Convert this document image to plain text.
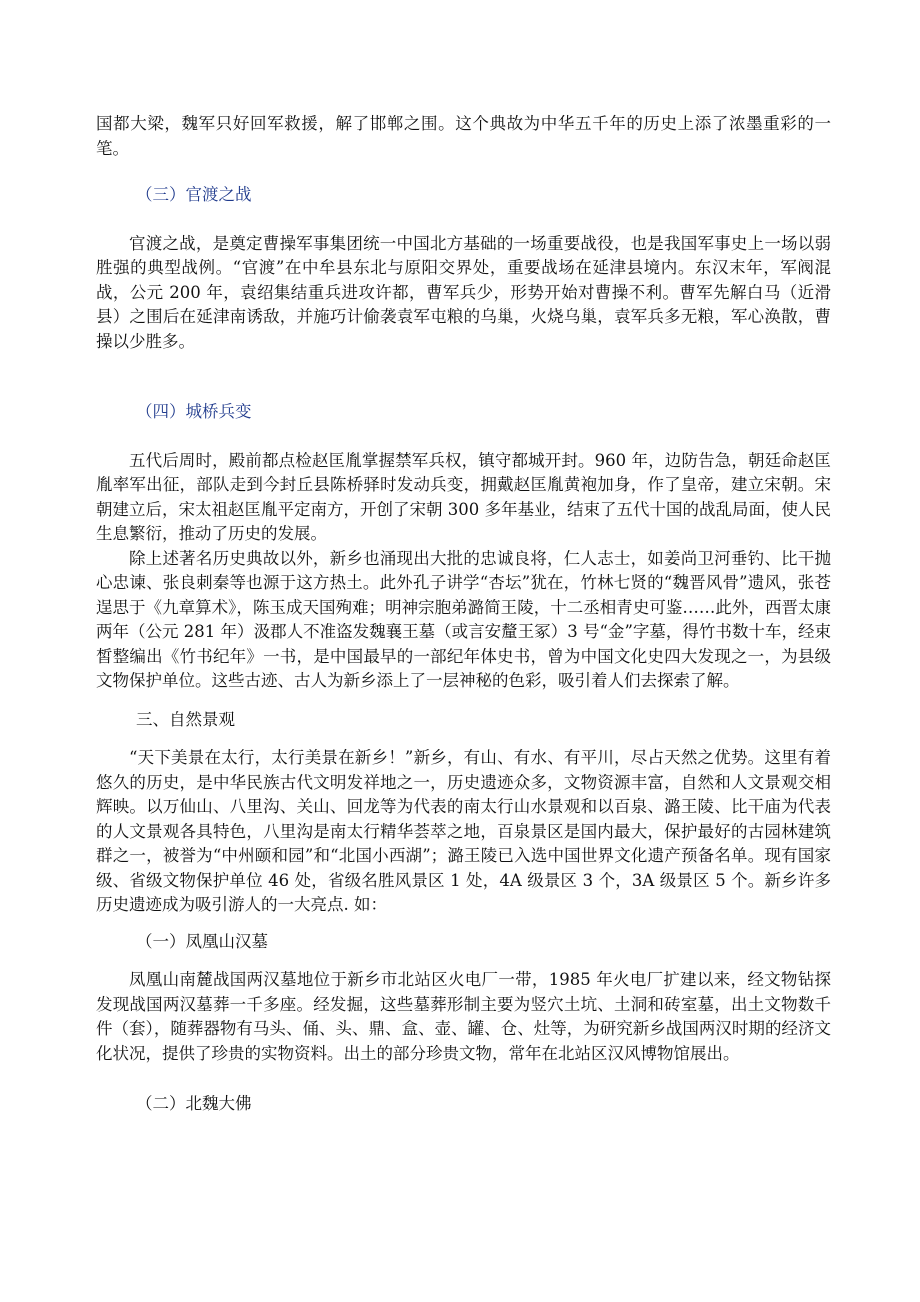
国都大梁，魏军只好回军救援，解了邯郸之围。这个典故为中华五千年的历史上添了浓墨重彩的一笔。

（三）官渡之战

官渡之战，是奠定曹操军事集团统一中国北方基础的一场重要战役，也是我国军事史上一场以弱胜强的典型战例。“官渡”在中牟县东北与原阳交界处，重要战场在延津县境内。东汉末年，军阀混战，公元 200 年，袁绍集结重兵进攻许都，曹军兵少，形势开始对曹操不利。曹军先解白马（近滑县）之围后在延津南诱敌，并施巧计偷袭袁军屯粮的乌巢，火烧乌巢，袁军兵多无粮，军心涣散，曹操以少胜多。

（四）城桥兵变

五代后周时，殿前都点检赵匡胤掌握禁军兵权，镇守都城开封。960 年，边防告急，朝廷命赵匡胤率军出征，部队走到今封丘县陈桥驿时发动兵变，拥戴赵匡胤黄袍加身，作了皇帝，建立宋朝。宋朝建立后，宋太祖赵匡胤平定南方，开创了宋朝 300 多年基业，结束了五代十国的战乱局面，使人民生息繁衍，推动了历史的发展。

除上述著名历史典故以外，新乡也涌现出大批的忠诚良将，仁人志士，如姜尚卫河垂钓、比干抛心忠谏、张良刺秦等也源于这方热土。此外孔子讲学“杏坛”犹在，竹林七贤的“魏晋风骨”遗风，张苍逞思于《九章算术》，陈玉成天国殉难；明神宗胞弟潞简王陵，十二丞相青史可鉴……此外，西晋太康两年（公元 281 年）汲郡人不准盗发魏襄王墓（或言安釐王冢）3 号“金”字墓，得竹书数十车，经束皙整编出《竹书纪年》一书，是中国最早的一部纪年体史书，曾为中国文化史四大发现之一，为县级文物保护单位。这些古迹、古人为新乡添上了一层神秘的色彩，吸引着人们去探索了解。

三、自然景观

“天下美景在太行，太行美景在新乡！”新乡，有山、有水、有平川，尽占天然之优势。这里有着悠久的历史，是中华民族古代文明发祥地之一，历史遗迹众多，文物资源丰富，自然和人文景观交相辉映。以万仙山、八里沟、关山、回龙等为代表的南太行山水景观和以百泉、潞王陵、比干庙为代表的人文景观各具特色，八里沟是南太行精华荟萃之地，百泉景区是国内最大，保护最好的古园林建筑群之一，被誉为“中州颐和园”和“北国小西湖”；潞王陵已入选中国世界文化遗产预备名单。现有国家级、省级文物保护单位 46 处，省级名胜风景区 1 处，4A 级景区 3 个，3A 级景区 5 个。新乡许多历史遗迹成为吸引游人的一大亮点. 如：

（一）凤凰山汉墓

凤凰山南麓战国两汉墓地位于新乡市北站区火电厂一带，1985 年火电厂扩建以来，经文物钻探发现战国两汉墓葬一千多座。经发掘，这些墓葬形制主要为竖穴土坑、土洞和砖室墓，出土文物数千件（套），随葬器物有马头、俑、头、鼎、盒、壶、罐、仓、灶等，为研究新乡战国两汉时期的经济文化状况，提供了珍贵的实物资料。出土的部分珍贵文物，常年在北站区汉风博物馆展出。

（二）北魏大佛
